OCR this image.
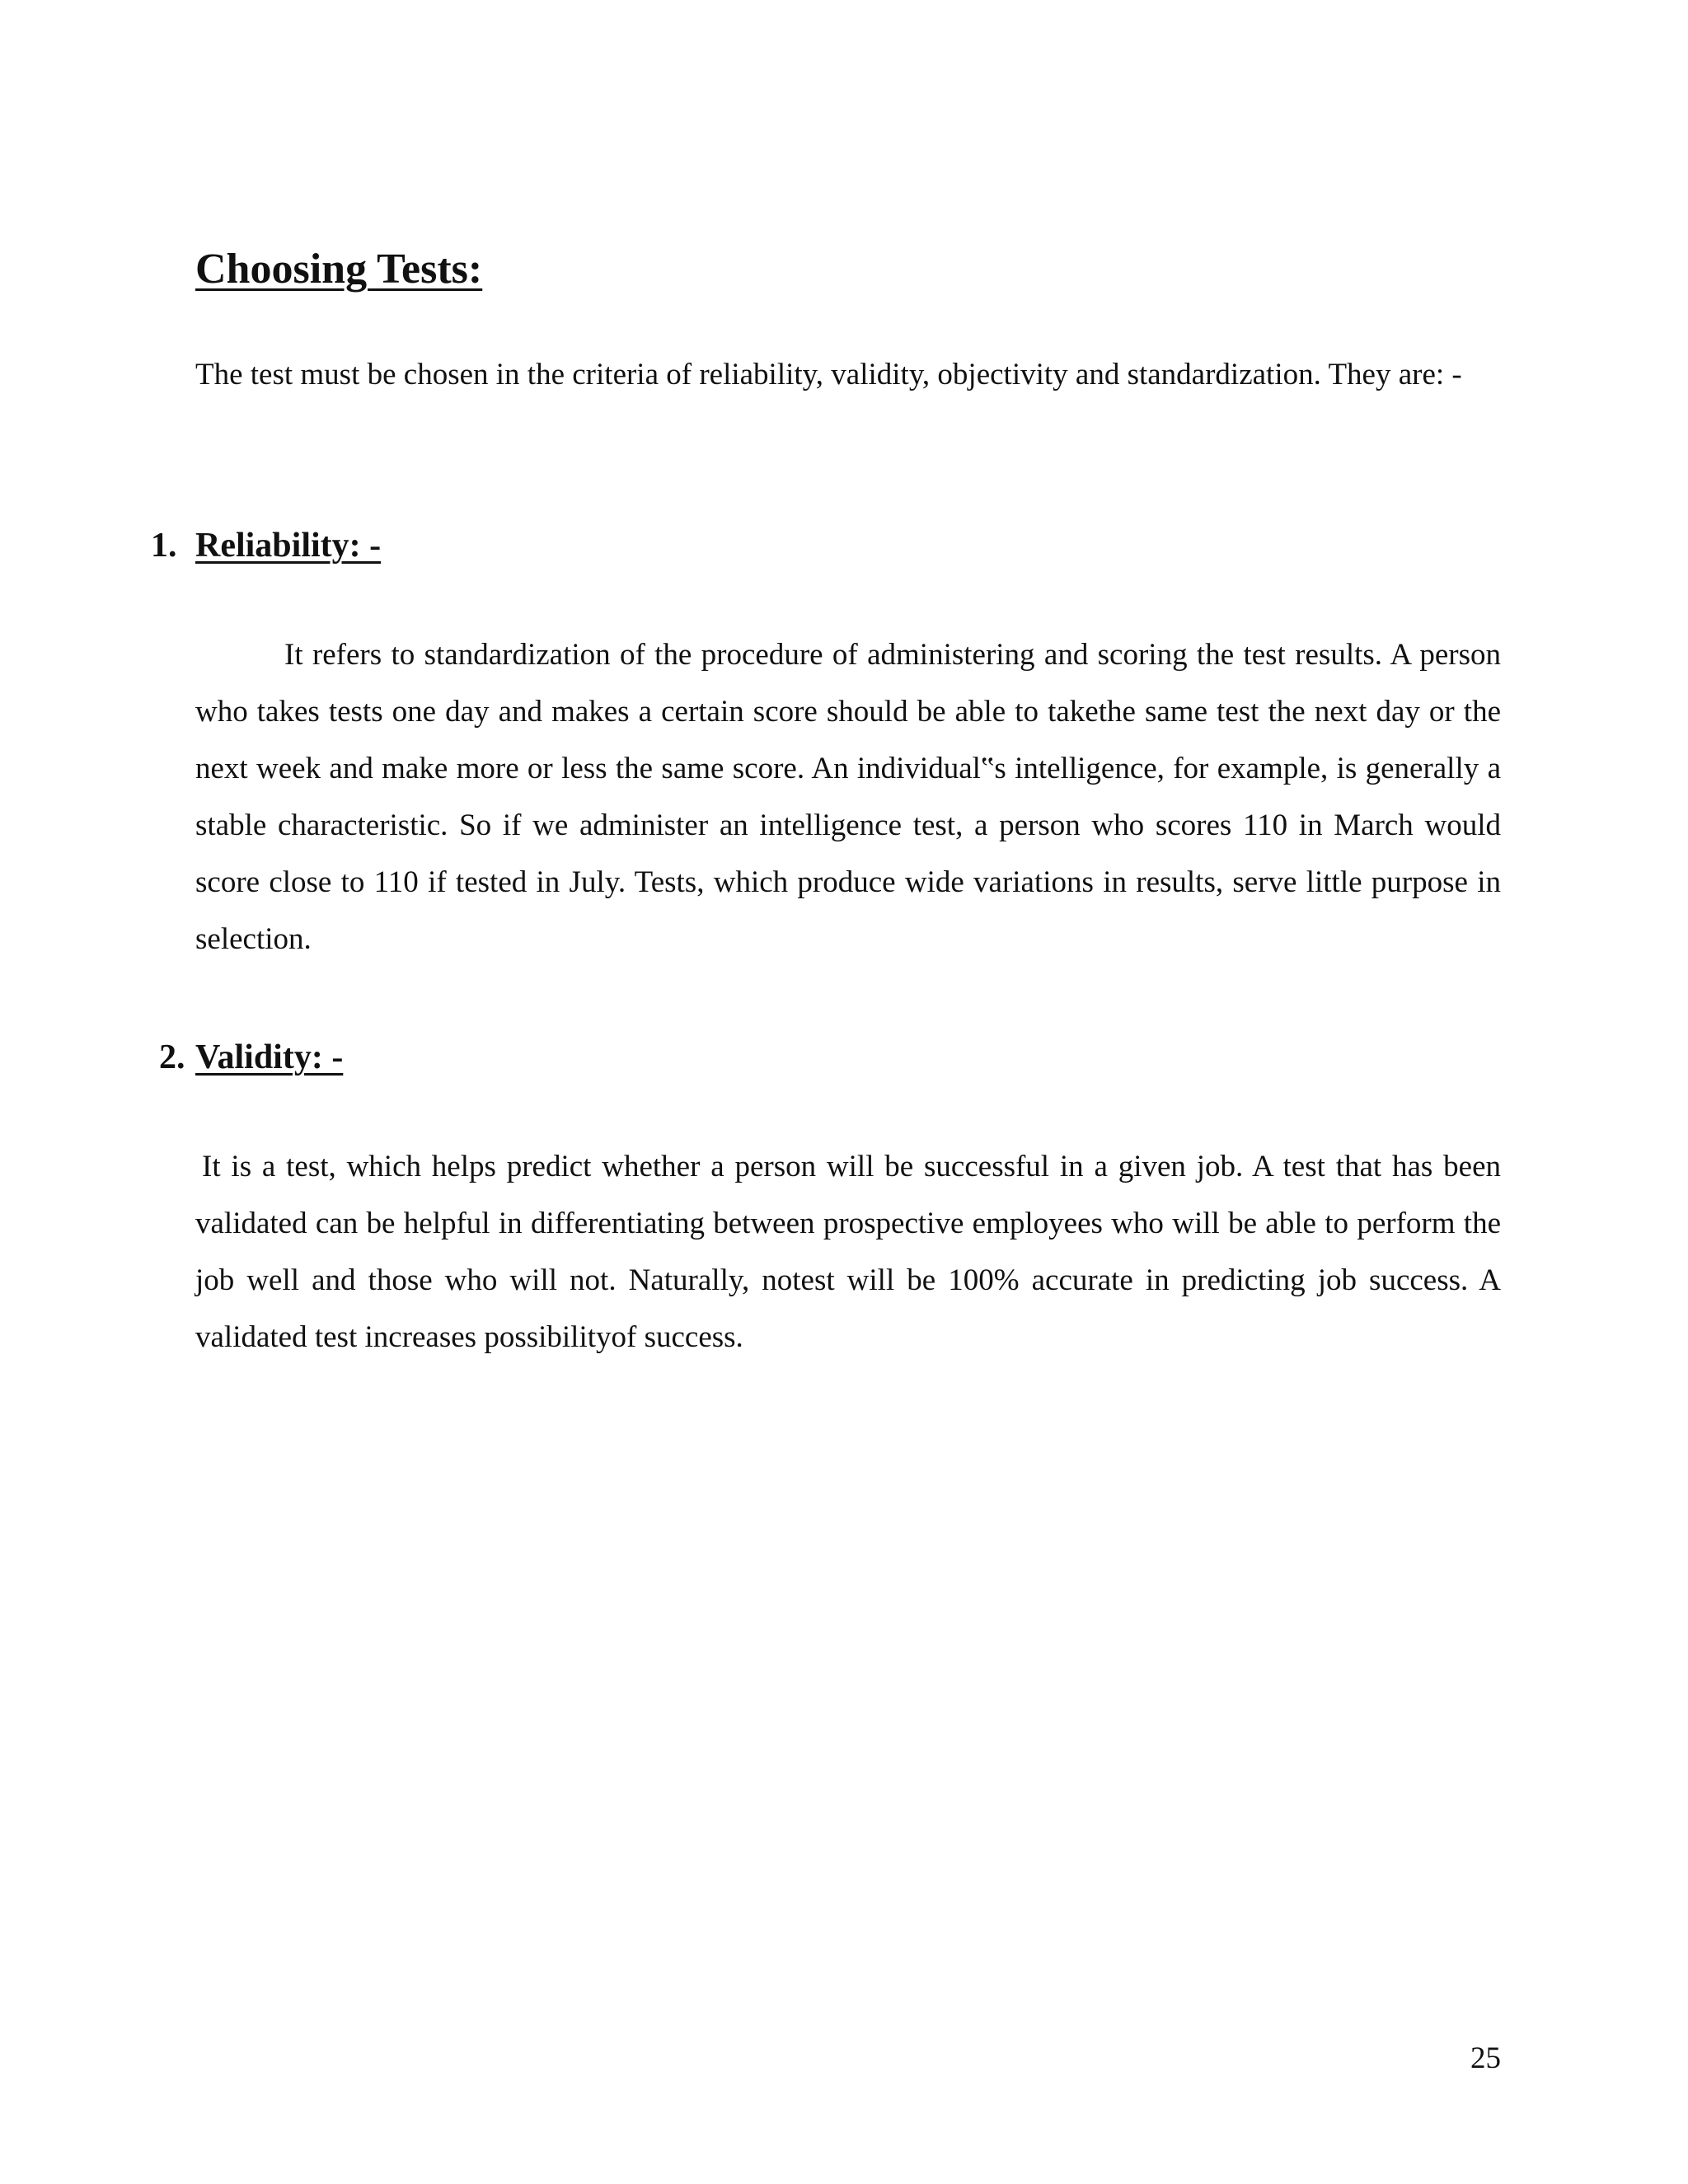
Choosing Tests:

The test must be chosen in the criteria of reliability, validity, objectivity and standardization. They are: -

1. Reliability: -

It refers to standardization of the procedure of administering and scoring the test results. A person who takes tests one day and makes a certain score should be able to takethe same test the next day or the next week and make more or less the same score. An individual‟s intelligence, for example, is generally a stable characteristic. So if we administer an intelligence test, a person who scores 110 in March would score close to 110 if tested in July. Tests, which produce wide variations in results, serve little purpose in selection.

2. Validity: -

It is a test, which helps predict whether a person will be successful in a given job. A test that has been validated can be helpful in differentiating between prospective employees who will be able to perform the job well and those who will not. Naturally, notest will be 100% accurate in predicting job success. A validated test increases possibilityof success.

25
